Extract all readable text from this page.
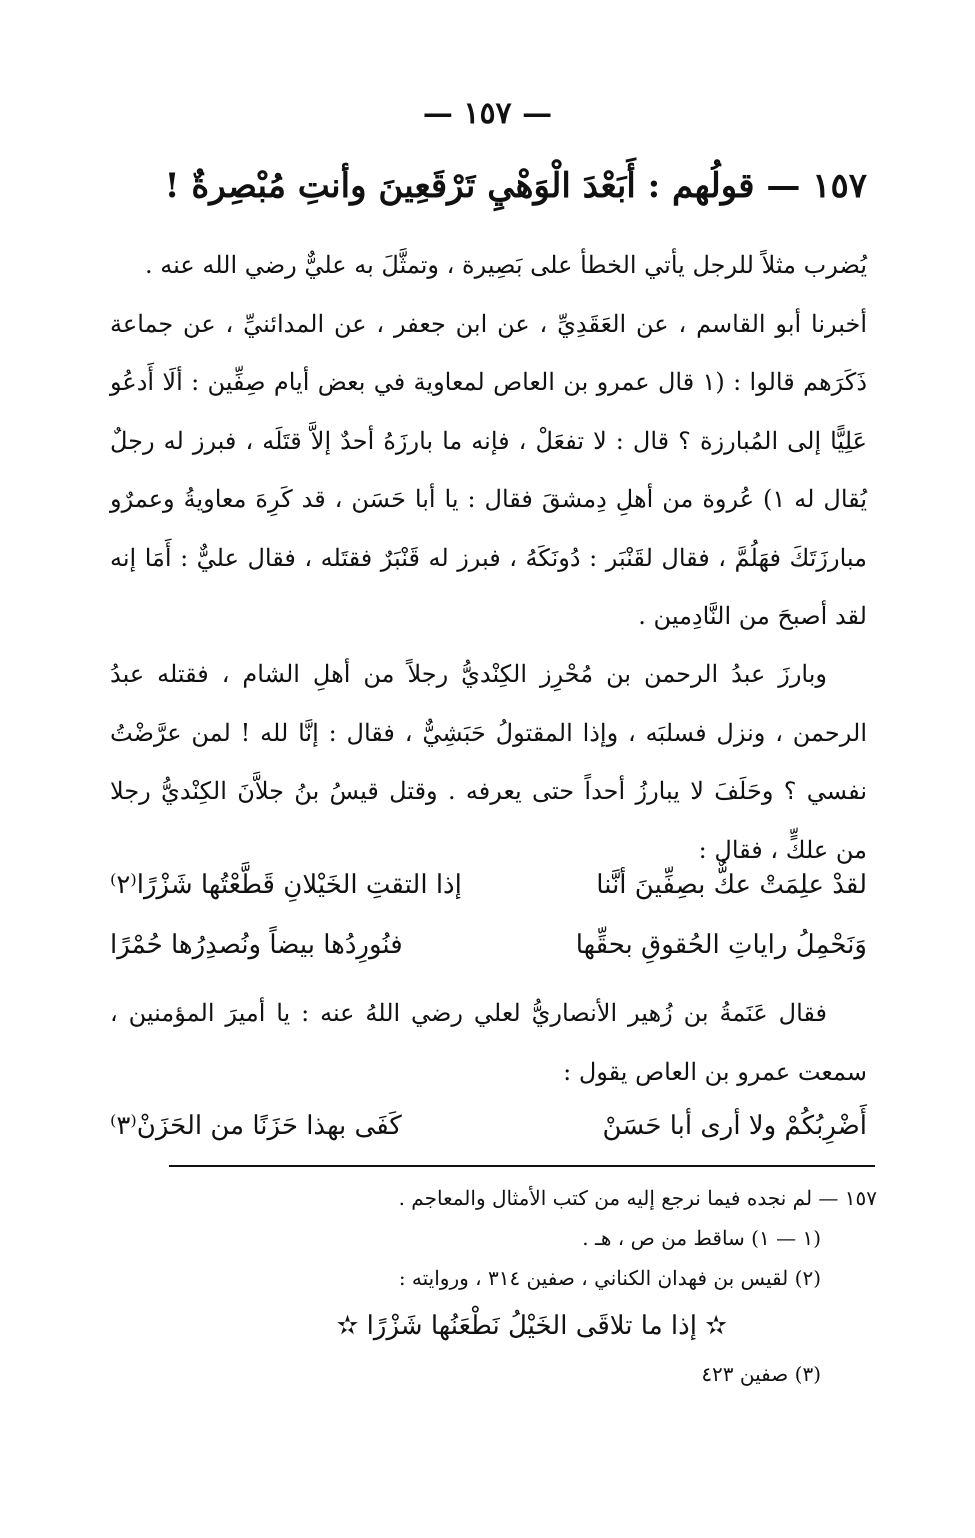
— ١٥٧ —
١٥٧ — قولُهم : أَبَعْدَ الْوَهْيِ تَرْقَعِينَ وأنتِ مُبْصِرةٌ !

يُضرب مثلاً للرجل يأتي الخطأ على بَصِيرة ، وتمثَّلَ به عليٌّ رضي الله عنه .

أخبرنا أبو القاسم ، عن العَقَدِيِّ ، عن ابن جعفر ، عن المدائنيِّ ، عن جماعة ذَكَرَهم قالوا : (١ قال عمرو بن العاص لمعاوية في بعض أيام صِفِّين : ألَا أَدعُو عَلِيًّا إلى المُبارزة ؟ قال : لا تفعَلْ ، فإنه ما بارزَهُ أحدٌ إلاَّ قتَلَه ، فبرز له رجلٌ يُقال له ١) عُروة من أهلِ دِمشقَ فقال : يا أبا حَسَن ، قد كَرِهَ معاويةُ وعمرٌو مبارزَتَكَ فهَلُمَّ ، فقال لقَنْبَر : دُونَكَهُ ، فبرز له قَنْبَرٌ فقتَله ، فقال عليٌّ : أَمَا إنه لقد أصبحَ من النَّادِمين .

وبارزَ عبدُ الرحمن بن مُحْرِز الكِنْديُّ رجلاً من أهلِ الشام ، فقتله عبدُ الرحمن ، ونزل فسلبَه ، وإذا المقتولُ حَبَشِيٌّ ، فقال : إنَّا لله ! لمن عرَّضْتُ نفسي ؟ وحَلَفَ لا يبارزُ أحداً حتى يعرفه . وقتل قيسُ بنُ جلاَّنَ الكِنْديُّ رجلا من علكٍّ ، فقال :
لقدْ علِمَتْ عكٌّ بصِفِّينَ أنَّنا
إذا التقتِ الخَيْلانِ قَطَّعْتُها شَزْرًا⁽٢⁾
وَنَحْمِلُ راياتِ الحُقوقِ بحقِّها
فنُورِدُها بيضاً ونُصدِرُها حُمْرًا
فقال عَنَمةُ بن زُهير الأنصاريُّ لعلي رضي اللهُ عنه : يا أميرَ المؤمنين ، سمعت عمرو بن العاص يقول :
أَضْرِبُكُمْ ولا أرى أبا حَسَنْ
كَفَى بهذا حَزَنًا من الحَزَنْ⁽٣⁾
١٥٧ — لم نجده فيما نرجع إليه من كتب الأمثال والمعاجم .
(١ — ١) ساقط من ص ، هـ .
(٢) لقيس بن فهدان الكناني ، صفين ٣١٤ ، وروايته :
✫ إذا ما تلاقَى الخَيْلُ نَطْعَنُها شَزْرًا ✫
(٣) صفين ٤٢٣
